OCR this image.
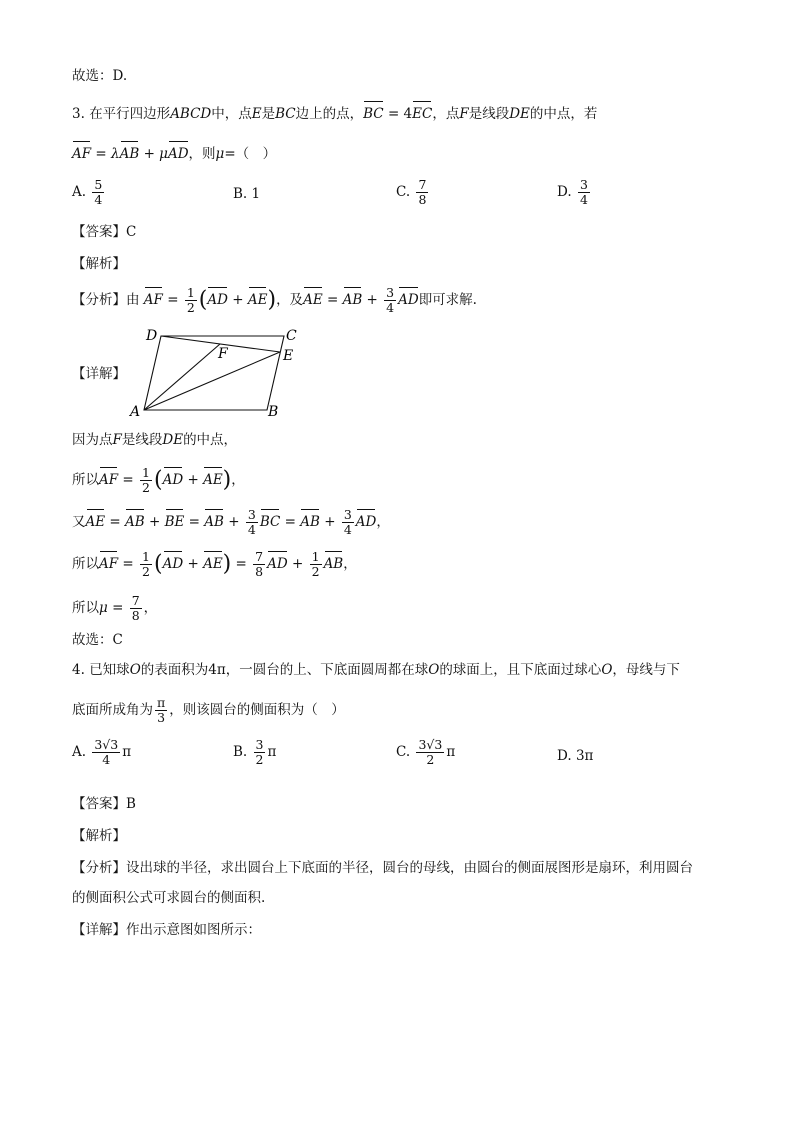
故选：D.
3. 在平行四边形ABCD中，点E是BC边上的点，BC = 4EC，点F是线段DE的中点，若
AF = λAB + μAD，则μ=（　）
A. $\frac{5}{4}$	B. 1	C. $\frac{7}{8}$	D. $\frac{3}{4}$
【答案】C
【解析】
【分析】由 AF = $\frac{1}{2} (AD + AE)$，及AE = AB + $\frac{3}{4}$ AD即可求解.
【详解】
D	C
E
F
A	B
因为点F是线段DE的中点，
所以AF = $\frac{1}{2} (AD + AE)$，
又AE = AB + BE = AB + $\frac{3}{4}$ BC = AB + $\frac{3}{4}$ AD，
所以AF = $\frac{1}{2} (AD + AE) = \frac{7}{8}$ AD + $\frac{1}{2}$ AB，
所以$\mu = \frac{7}{8}$ ，
故选：C
4. 已知球O的表面积为4π，一圆台的上、下底面圆周都在球O的球面上，且下底面过球心O，母线与下
底面所成角为 $\frac{\pi}{3}$ ，则该圆台的侧面积为（　）
A. $\frac{3√3}{4}$ π	B. $\frac{3}{2}$ π	C. $\frac{3√3}{2}$ π	D. 3π
【答案】B
【解析】
【分析】设出球的半径，求出圆台上下底面的半径，圆台的母线，由圆台的侧面展图形是扇环，利用圆台
的侧面积公式可求圆台的侧面积.
【详解】作出示意图如图所示：
